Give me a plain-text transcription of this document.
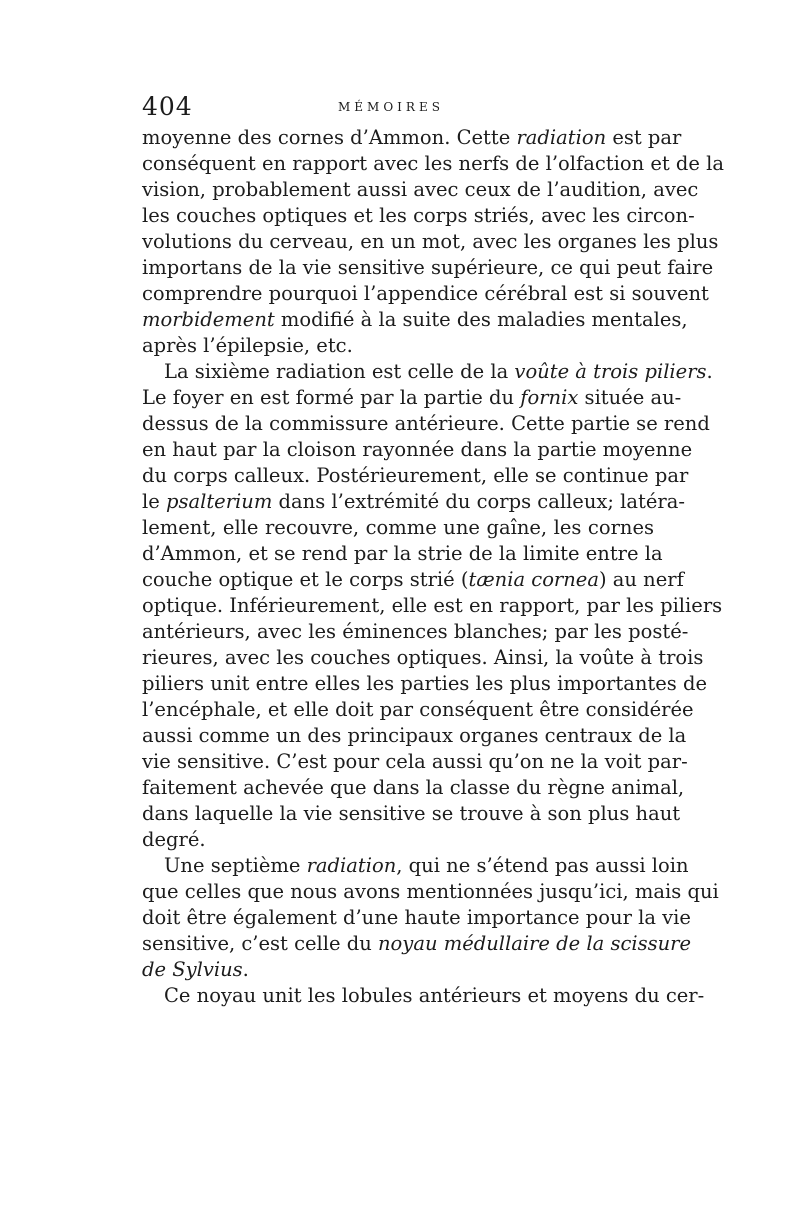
404	MÉMOIRES
moyenne des cornes d’Ammon. Cette radiation est par
conséquent en rapport avec les nerfs de l’olfaction et de la
vision, probablement aussi avec ceux de l’audition, avec
les couches optiques et les corps striés, avec les circon-
volutions du cerveau, en un mot, avec les organes les plus
importans de la vie sensitive supérieure, ce qui peut faire
comprendre pourquoi l’appendice cérébral est si souvent
morbidement modifié à la suite des maladies mentales,
après l’épilepsie, etc.
La sixième radiation est celle de la voûte à trois piliers.
Le foyer en est formé par la partie du fornix située au-
dessus de la commissure antérieure. Cette partie se rend
en haut par la cloison rayonnée dans la partie moyenne
du corps calleux. Postérieurement, elle se continue par
le psalterium dans l’extrémité du corps calleux; latéra-
lement, elle recouvre, comme une gaîne, les cornes
d’Ammon, et se rend par la strie de la limite entre la
couche optique et le corps strié (tænia cornea) au nerf
optique. Inférieurement, elle est en rapport, par les piliers
antérieurs, avec les éminences blanches; par les posté-
rieures, avec les couches optiques. Ainsi, la voûte à trois
piliers unit entre elles les parties les plus importantes de
l’encéphale, et elle doit par conséquent être considérée
aussi comme un des principaux organes centraux de la
vie sensitive. C’est pour cela aussi qu’on ne la voit par-
faitement achevée que dans la classe du règne animal,
dans laquelle la vie sensitive se trouve à son plus haut
degré.
Une septième radiation, qui ne s’étend pas aussi loin
que celles que nous avons mentionnées jusqu’ici, mais qui
doit être également d’une haute importance pour la vie
sensitive, c’est celle du noyau médullaire de la scissure
de Sylvius.
Ce noyau unit les lobules antérieurs et moyens du cer-
